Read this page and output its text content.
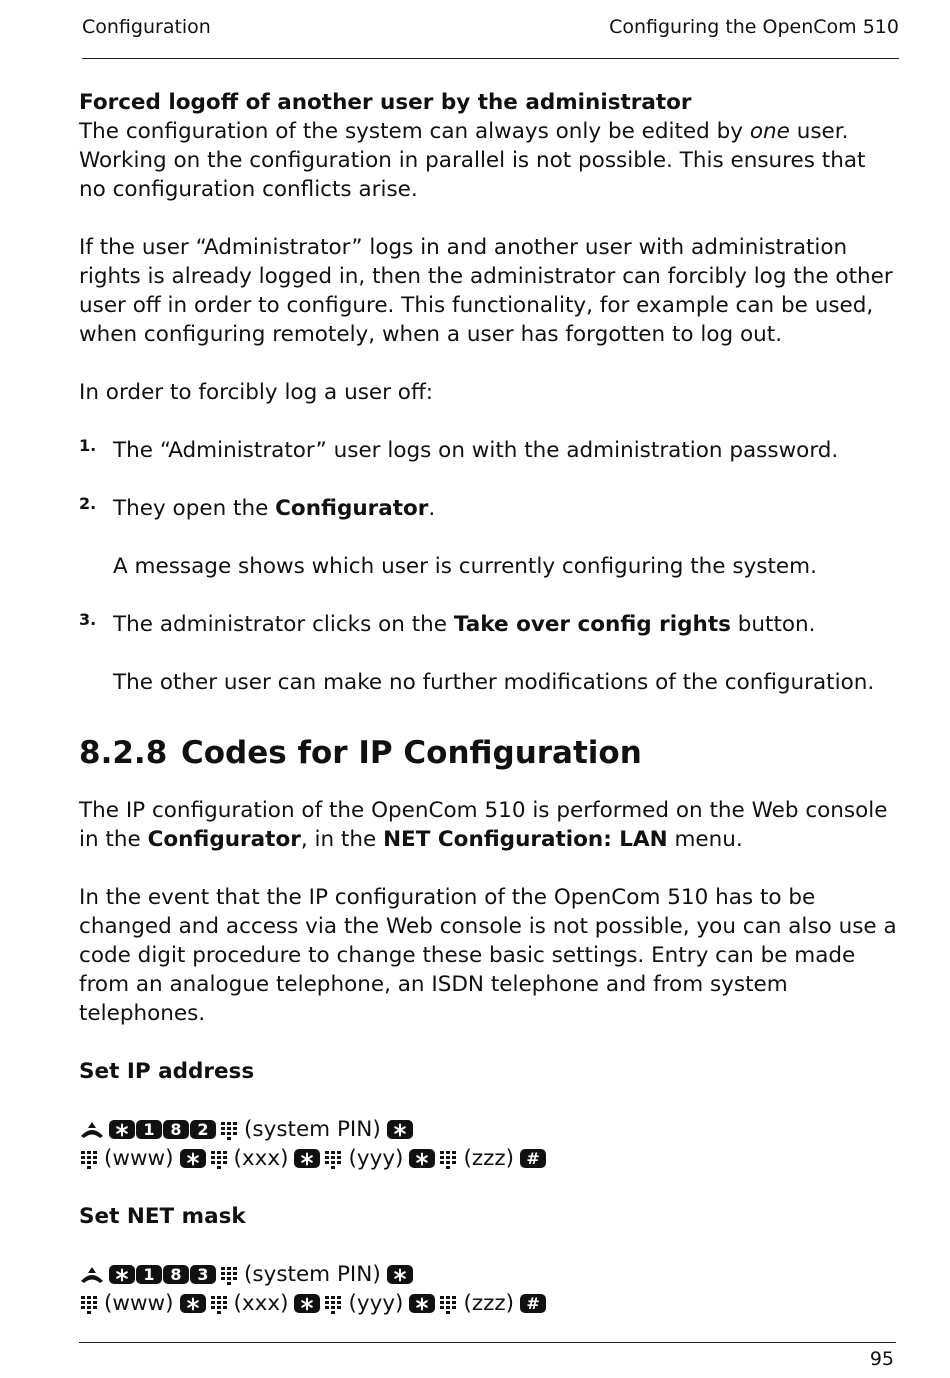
Configuration	Configuring the OpenCom 510

Forced logoff of another user by the administrator

The configuration of the system can always only be edited by one user. Working on the configuration in parallel is not possible. This ensures that no configuration conflicts arise.

If the user “Administrator” logs in and another user with administration rights is already logged in, then the administrator can forcibly log the other user off in order to configure. This functionality, for example can be used, when configuring remotely, when a user has forgotten to log out.

In order to forcibly log a user off:

1. The “Administrator” user logs on with the administration password.

2. They open the Configurator.

A message shows which user is currently configuring the system.

3. The administrator clicks on the Take over config rights button.

The other user can make no further modifications of the configuration.

8.2.8 Codes for IP Configuration

The IP configuration of the OpenCom 510 is performed on the Web console in the Configurator, in the NET Configuration: LAN menu.

In the event that the IP configuration of the OpenCom 510 has to be changed and access via the Web console is not possible, you can also use a code digit procedure to change these basic settings. Entry can be made from an analogue telephone, an ISDN telephone and from system telephones.

Set IP address

1 8 2	(system PIN)
(www)	(xxx)	(yyy)	(zzz) #

Set NET mask

1 8 3	(system PIN)
(www)	(xxx)	(yyy)	(zzz) #
95
